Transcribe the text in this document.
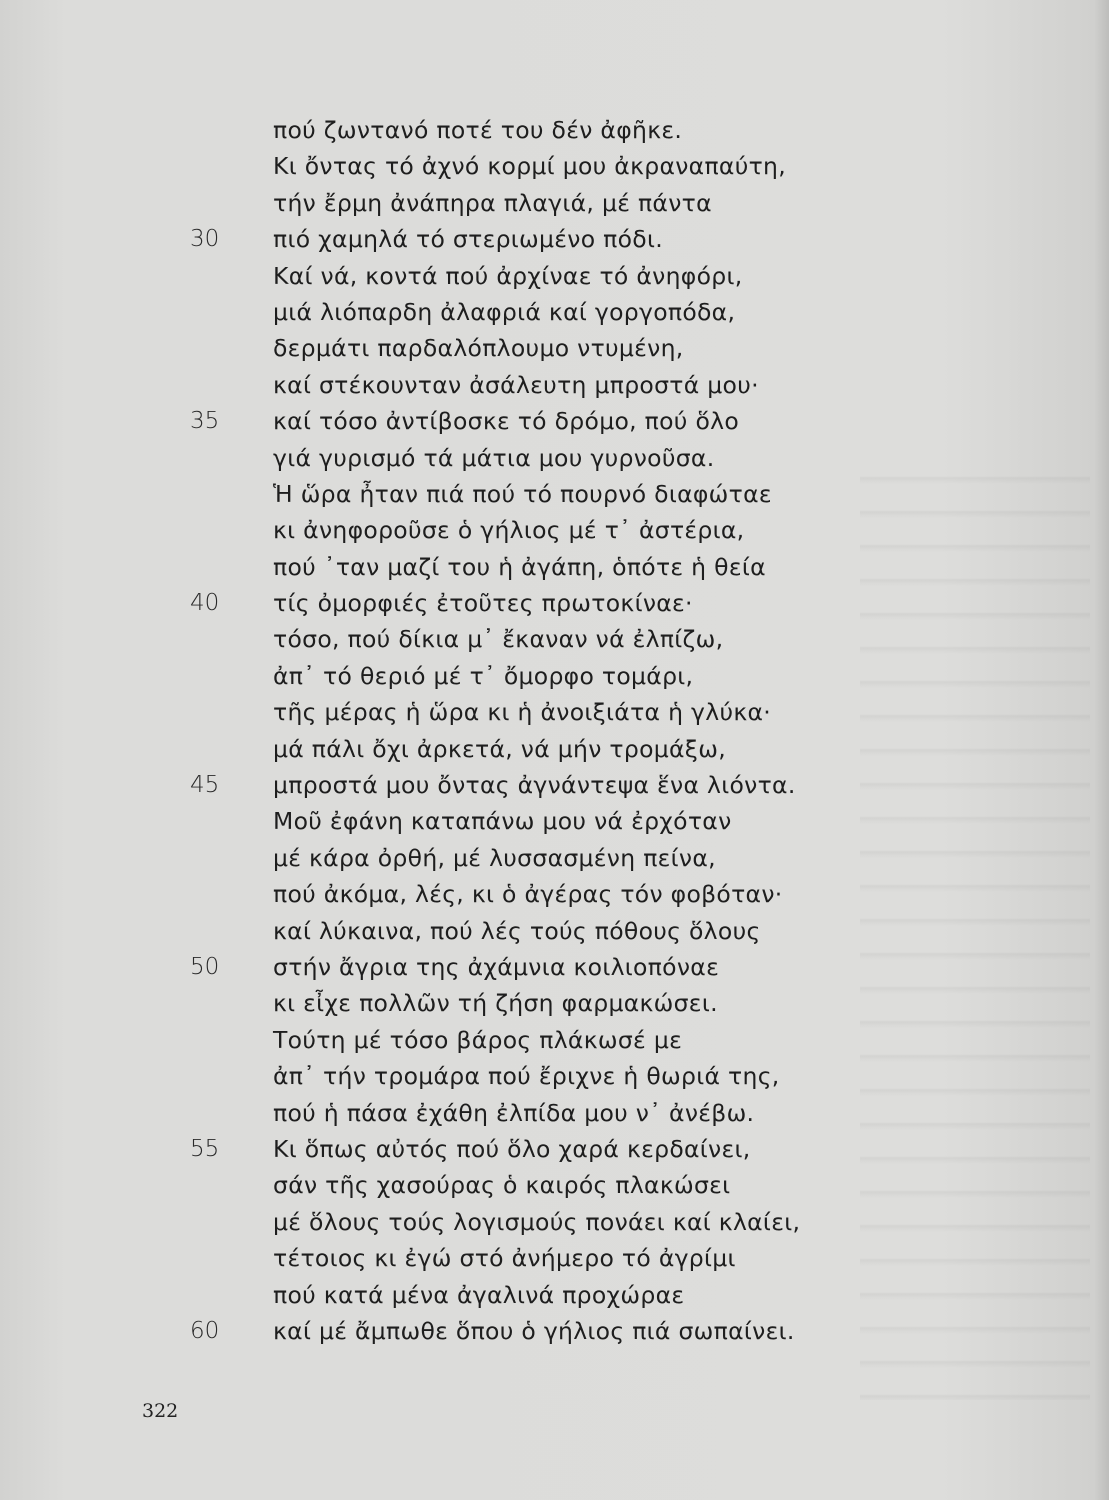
πού ζωντανό ποτέ του δέν ἀφῆκε.
Κι ὄντας τό ἀχνό κορμί μου ἀκραναπαύτη,
τήν ἔρμη ἀνάπηρα πλαγιά, μέ πάντα
30	πιό χαμηλά τό στεριωμένο πόδι.
Καί νά, κοντά πού ἀρχίναε τό ἀνηφόρι,
μιά λιόπαρδη ἀλαφριά καί γοργοπόδα,
δερμάτι παρδαλόπλουμο ντυμένη,
καί στέκουνταν ἀσάλευτη μπροστά μου·
35	καί τόσο ἀντίβοσκε τό δρόμο, πού ὅλο
γιά γυρισμό τά μάτια μου γυρνοῦσα.
Ἡ ὥρα ἦταν πιά πού τό πουρνό διαφώταε
κι ἀνηφοροῦσε ὁ γήλιος μέ τ᾽ ἀστέρια,
πού ᾽ταν μαζί του ἡ ἀγάπη, ὁπότε ἡ θεία
40	τίς ὀμορφιές ἐτοῦτες πρωτοκίναε·
τόσο, πού δίκια μ᾽ ἔκαναν νά ἐλπίζω,
ἀπ᾽ τό θεριό μέ τ᾽ ὄμορφο τομάρι,
τῆς μέρας ἡ ὥρα κι ἡ ἀνοιξιάτα ἡ γλύκα·
μά πάλι ὄχι ἀρκετά, νά μήν τρομάξω,
45	μπροστά μου ὄντας ἀγνάντεψα ἕνα λιόντα.
Μοῦ ἐφάνη καταπάνω μου νά ἐρχόταν
μέ κάρα ὀρθή, μέ λυσσασμένη πείνα,
πού ἀκόμα, λές, κι ὁ ἀγέρας τόν φοβόταν·
καί λύκαινα, πού λές τούς πόθους ὅλους
50	στήν ἄγρια της ἀχάμνια κοιλιοπόναε
κι εἶχε πολλῶν τή ζήση φαρμακώσει.
Τούτη μέ τόσο βάρος πλάκωσέ με
ἀπ᾽ τήν τρομάρα πού ἔριχνε ἡ θωριά της,
πού ἡ πάσα ἐχάθη ἐλπίδα μου ν᾽ ἀνέβω.
55	Κι ὅπως αὐτός πού ὅλο χαρά κερδαίνει,
σάν τῆς χασούρας ὁ καιρός πλακώσει
μέ ὅλους τούς λογισμούς πονάει καί κλαίει,
τέτοιος κι ἐγώ στό ἀνήμερο τό ἀγρίμι
πού κατά μένα ἀγαλινά προχώραε
60	καί μέ ἄμπωθε ὅπου ὁ γήλιος πιά σωπαίνει.
322
